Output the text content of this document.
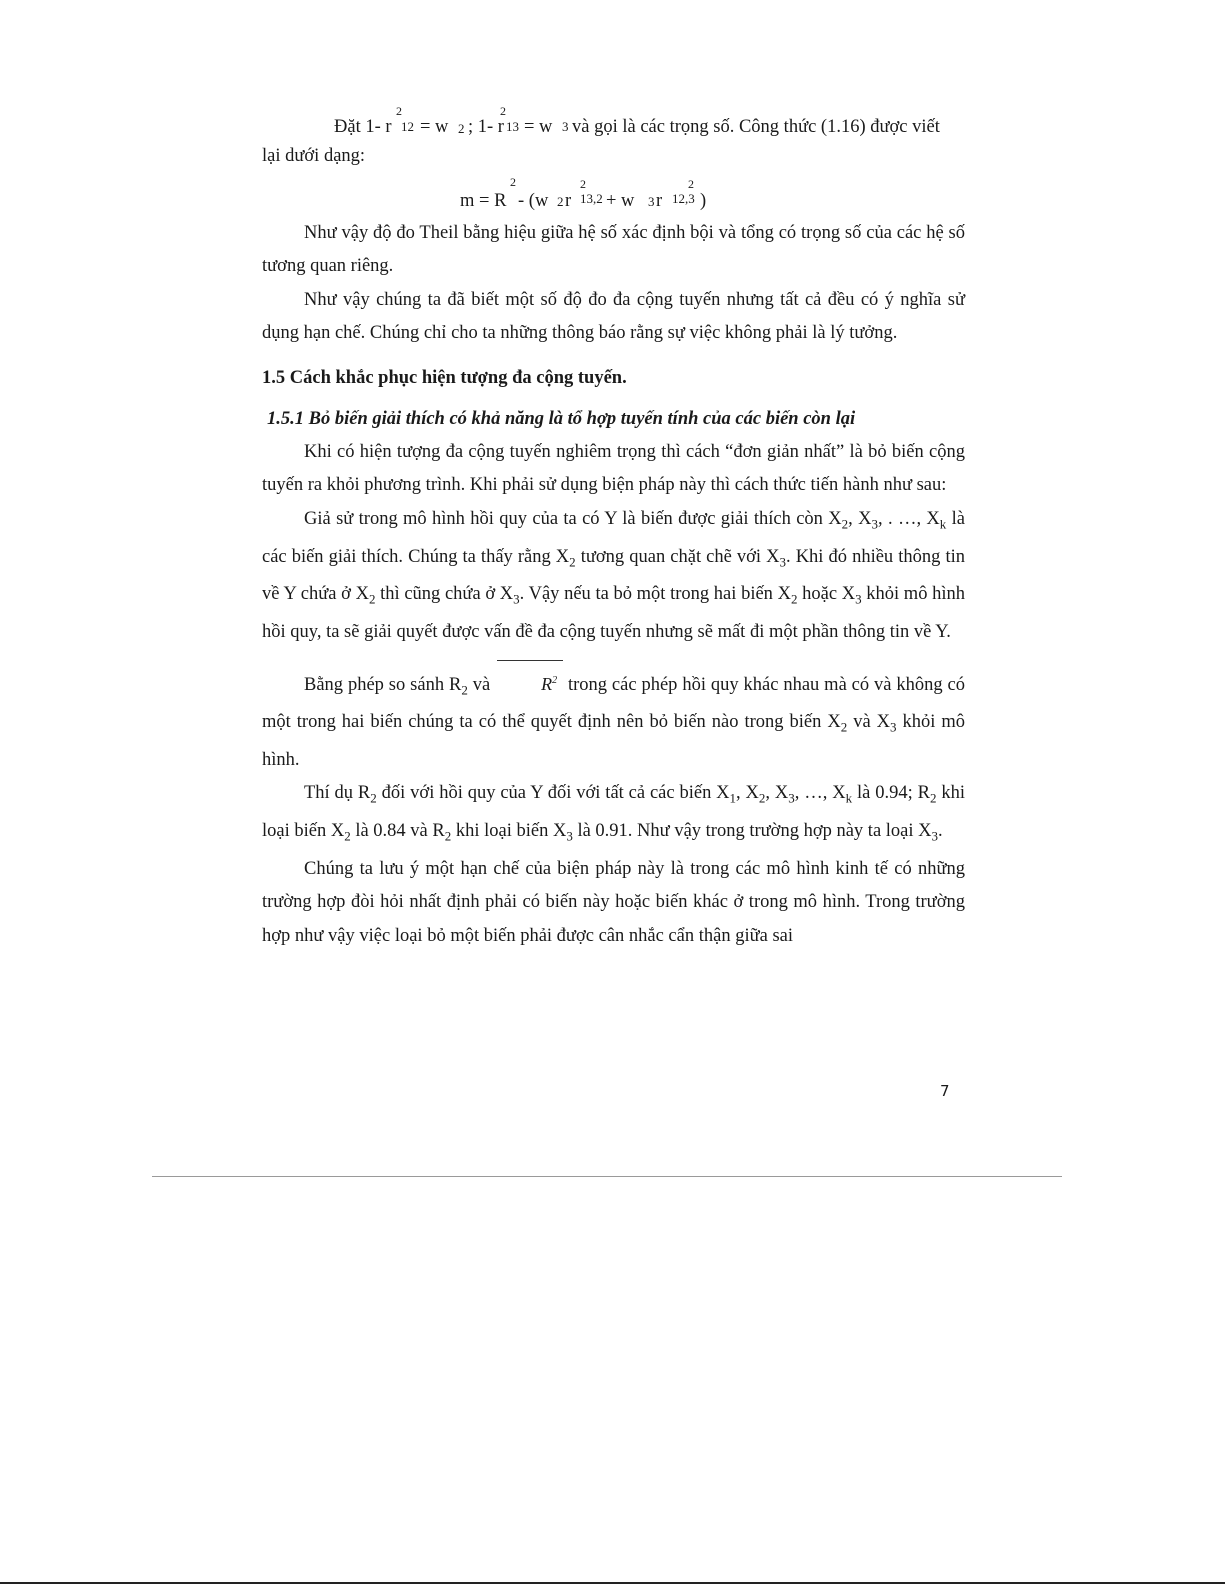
Đặt 1- r
2
12 = w 2 ; 1- r
2
13 = w 3 và gọi là các trọng số. Công thức (1.16) được viết

lại dưới dạng:

m = R
2
- (w 2 r
2
13,2 + w 3 r
2
12,3 )

Như vậy độ đo Theil bằng hiệu giữa hệ số xác định bội và tổng có trọng số của các hệ số tương quan riêng.

Như vậy chúng ta đã biết một số độ đo đa cộng tuyến nhưng tất cả đều có ý nghĩa sử dụng hạn chế. Chúng chỉ cho ta những thông báo rằng sự việc không phải là lý tưởng.

1.5 Cách khắc phục hiện tượng đa cộng tuyến.
1.5.1 Bỏ biến giải thích có khả năng là tổ hợp tuyến tính của các biến còn lại

Khi có hiện tượng đa cộng tuyến nghiêm trọng thì cách “đơn giản nhất” là bỏ biến cộng tuyến ra khỏi phương trình. Khi phải sử dụng biện pháp này thì cách thức tiến hành như sau:

Giả sử trong mô hình hồi quy của ta có Y là biến được giải thích còn $X_2$, $X_3$, . …, $X_k$ là các biến giải thích. Chúng ta thấy rằng $X_2$ tương quan chặt chẽ với $X_3$. Khi đó nhiều thông tin về Y chứa ở $X_2$ thì cũng chứa ở $X_3$. Vậy nếu ta bỏ một trong hai biến $X_2$ hoặc $X_3$ khỏi mô hình hồi quy, ta sẽ giải quyết được vấn đề đa cộng tuyến nhưng sẽ mất đi một phần thông tin về Y.

Bằng phép so sánh $R_2$ và	$R^2$ trong các phép hồi quy khác nhau mà có và không có một trong hai biến chúng ta có thể quyết định nên bỏ biến nào trong biến $X_2$ và $X_3$ khỏi mô hình.

Thí dụ $R_2$ đối với hồi quy của Y đối với tất cả các biến $X_1$, $X_2$, $X_3$, …, $X_k$ là 0.94; $R_2$ khi loại biến $X_2$ là 0.84 và $R_2$ khi loại biến $X_3$ là 0.91. Như vậy trong trường hợp này ta loại $X_3$.

Chúng ta lưu ý một hạn chế của biện pháp này là trong các mô hình kinh tế có những trường hợp đòi hỏi nhất định phải có biến này hoặc biến khác ở trong mô hình. Trong trường hợp như vậy việc loại bỏ một biến phải được cân nhắc cẩn thận giữa sai

7
